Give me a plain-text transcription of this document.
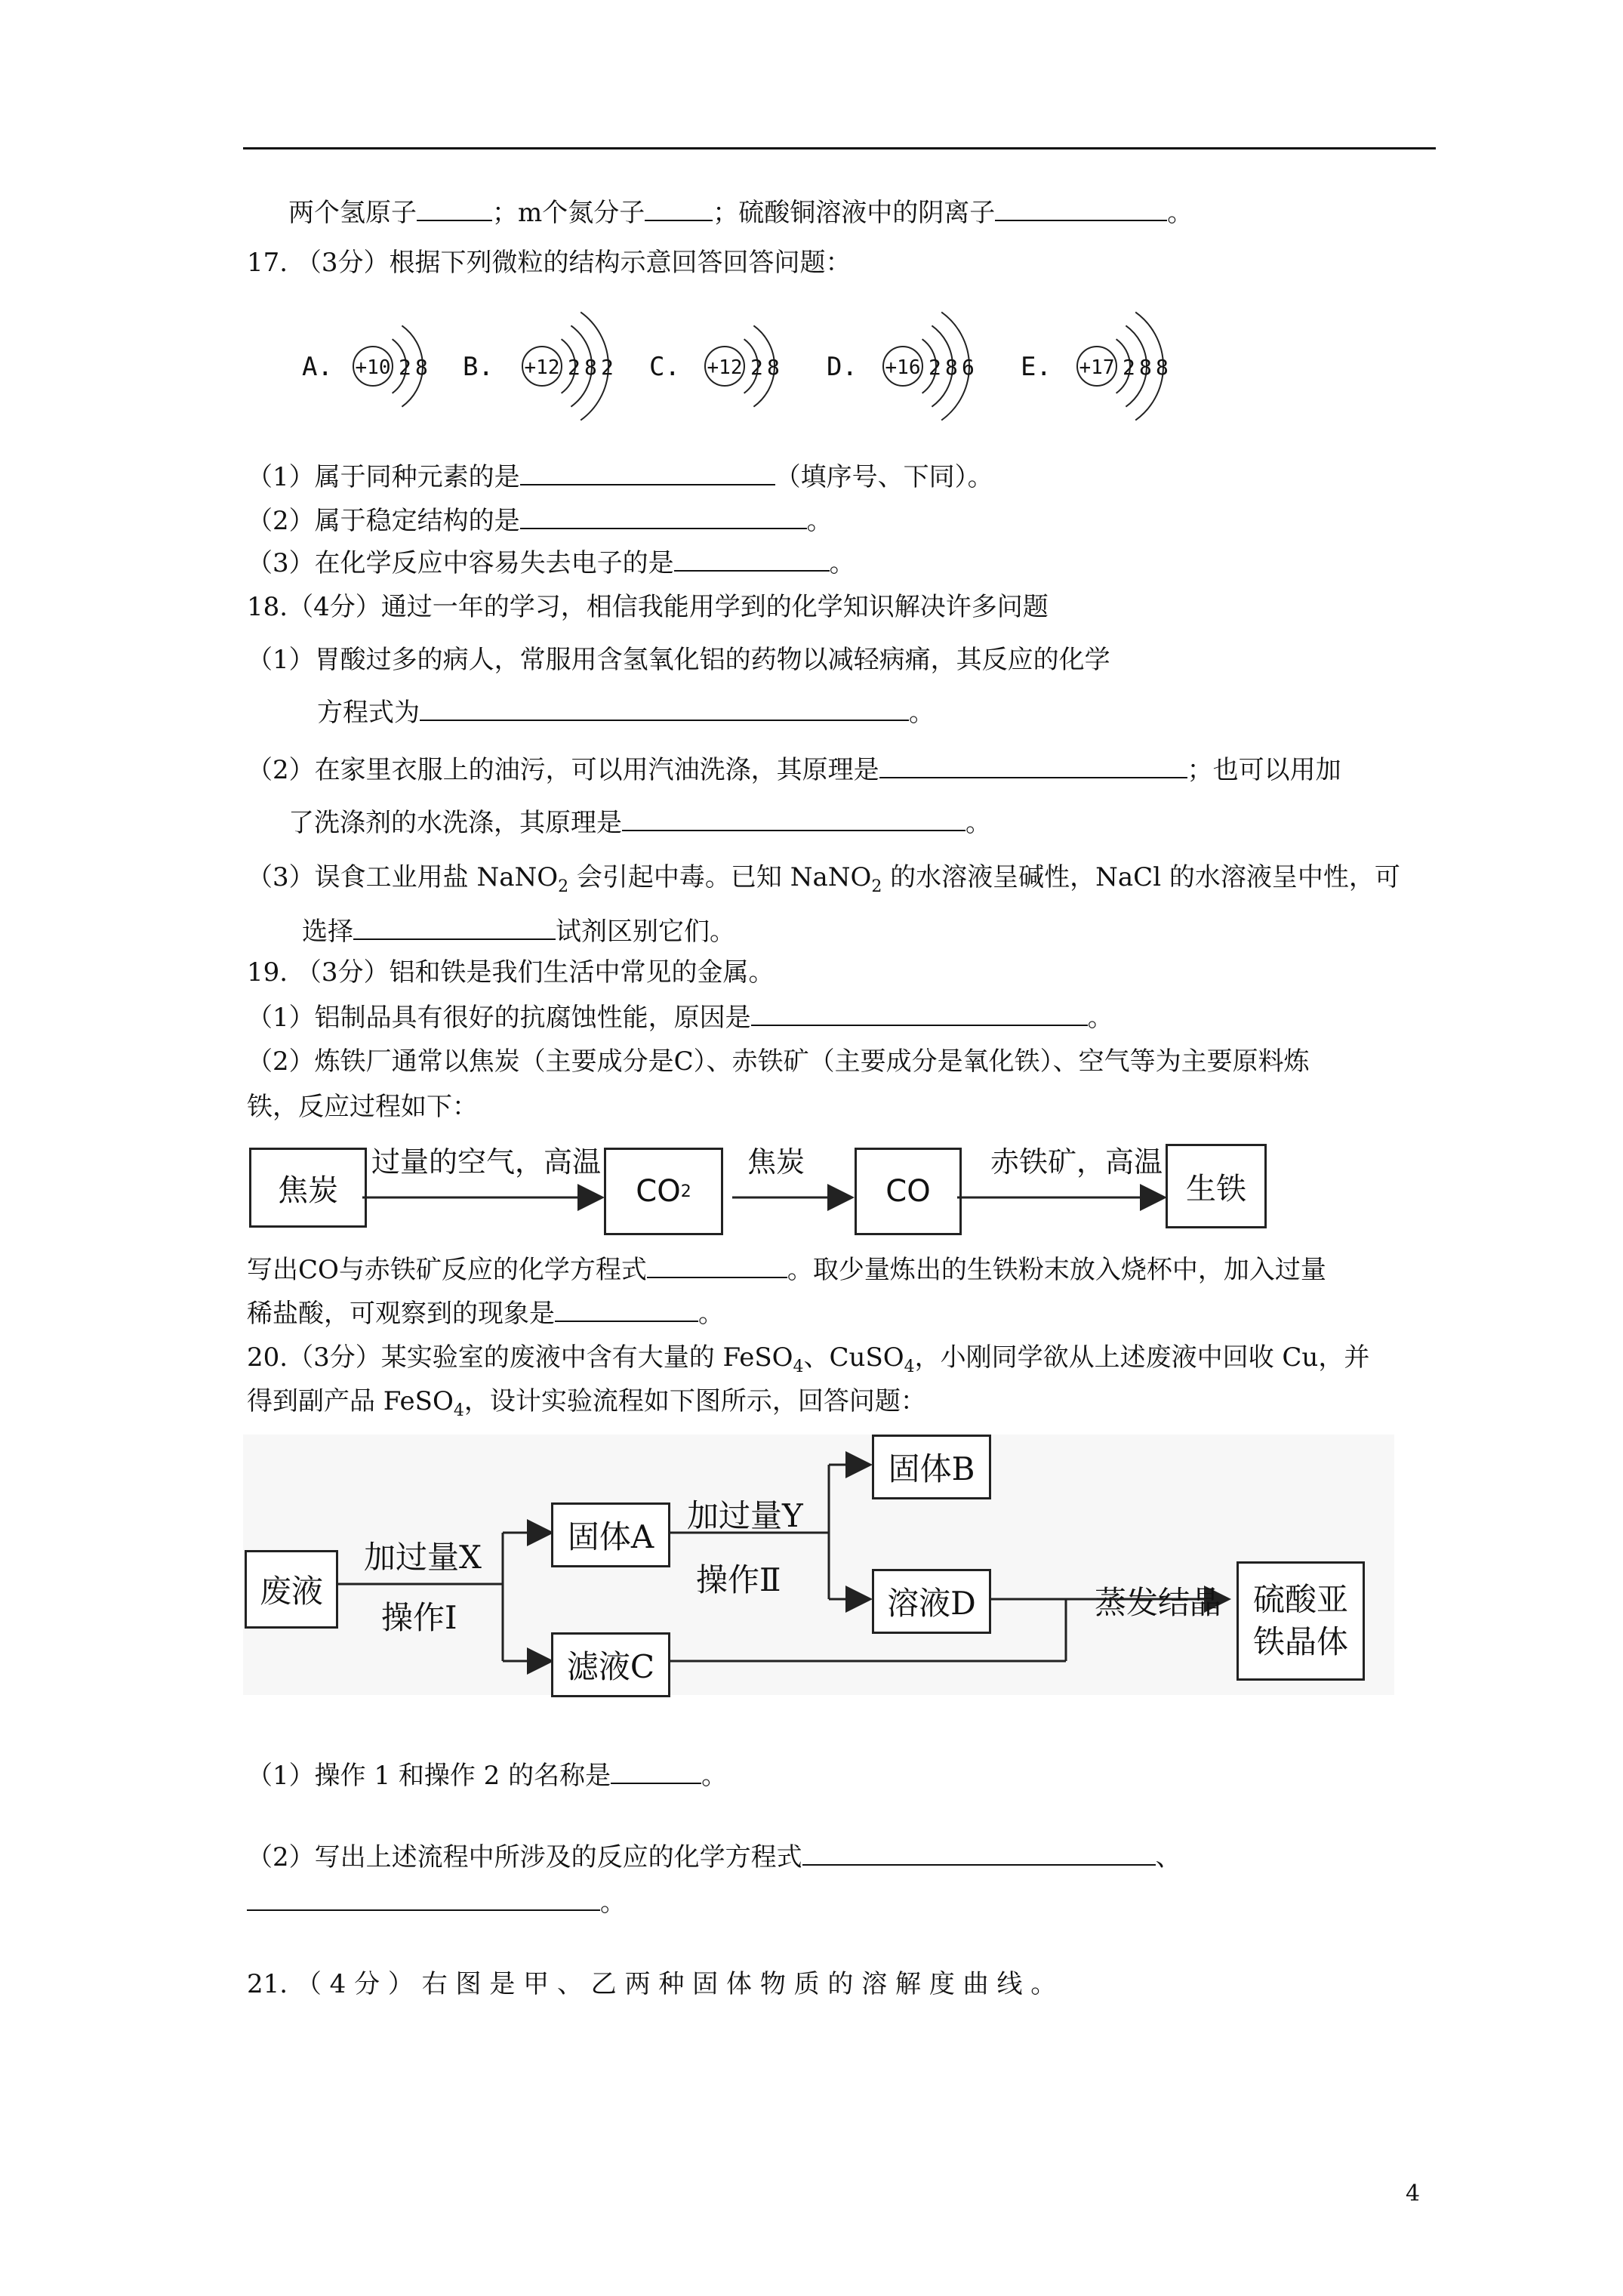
两个氢原子	；m个氮分子	；硫酸铜溶液中的阴离子	。
17. （3分）根据下列微粒的结构示意回答回答问题：
A. +10 2 8 B. +12 2 8 2 C. +12 2 8 D. +16 2 8 6 E. +17 2 8 8
（1）属于同种元素的是	（填序号、下同）。
（2）属于稳定结构的是	。
（3）在化学反应中容易失去电子的是	。
18.（4分）通过一年的学习，相信我能用学到的化学知识解决许多问题
（1）胃酸过多的病人，常服用含氢氧化铝的药物以减轻病痛，其反应的化学
方程式为	。
（2）在家里衣服上的油污，可以用汽油洗涤，其原理是	；也可以用加
了洗涤剂的水洗涤，其原理是	。
（3）误食工业用盐 NaNO$_2$ 会引起中毒。已知 NaNO$_2$ 的水溶液呈碱性，NaCl 的水溶液呈中性，可
选择	试剂区别它们。
19. （3分）铝和铁是我们生活中常见的金属。
（1）铝制品具有很好的抗腐蚀性能，原因是	。
（2）炼铁厂通常以焦炭（主要成分是C）、赤铁矿（主要成分是氧化铁）、空气等为主要原料炼
铁，反应过程如下：
焦炭
过量的空气，高温
CO 2
焦炭
CO
赤铁矿，高温
生铁
写出CO与赤铁矿反应的化学方程式	。取少量炼出的生铁粉末放入烧杯中，加入过量
稀盐酸，可观察到的现象是	。
20.（3分）某实验室的废液中含有大量的 FeSO$_4$、CuSO$_4$，小刚同学欲从上述废液中回收 Cu，并
得到副产品 FeSO$_4$，设计实验流程如下图所示，回答问题：
废液
加过量X
操作I
固体A
滤液C
加过量Y
操作Ⅱ
固体B
溶液D	蒸发结晶 硫酸亚
铁晶体
（1）操作 1 和操作 2 的名称是	。
（2）写出上述流程中所涉及的反应的化学方程式	、
。
21. （ 4 分 ） 右 图 是 甲 、 乙 两 种 固 体 物 质 的 溶 解 度 曲 线 。
4
